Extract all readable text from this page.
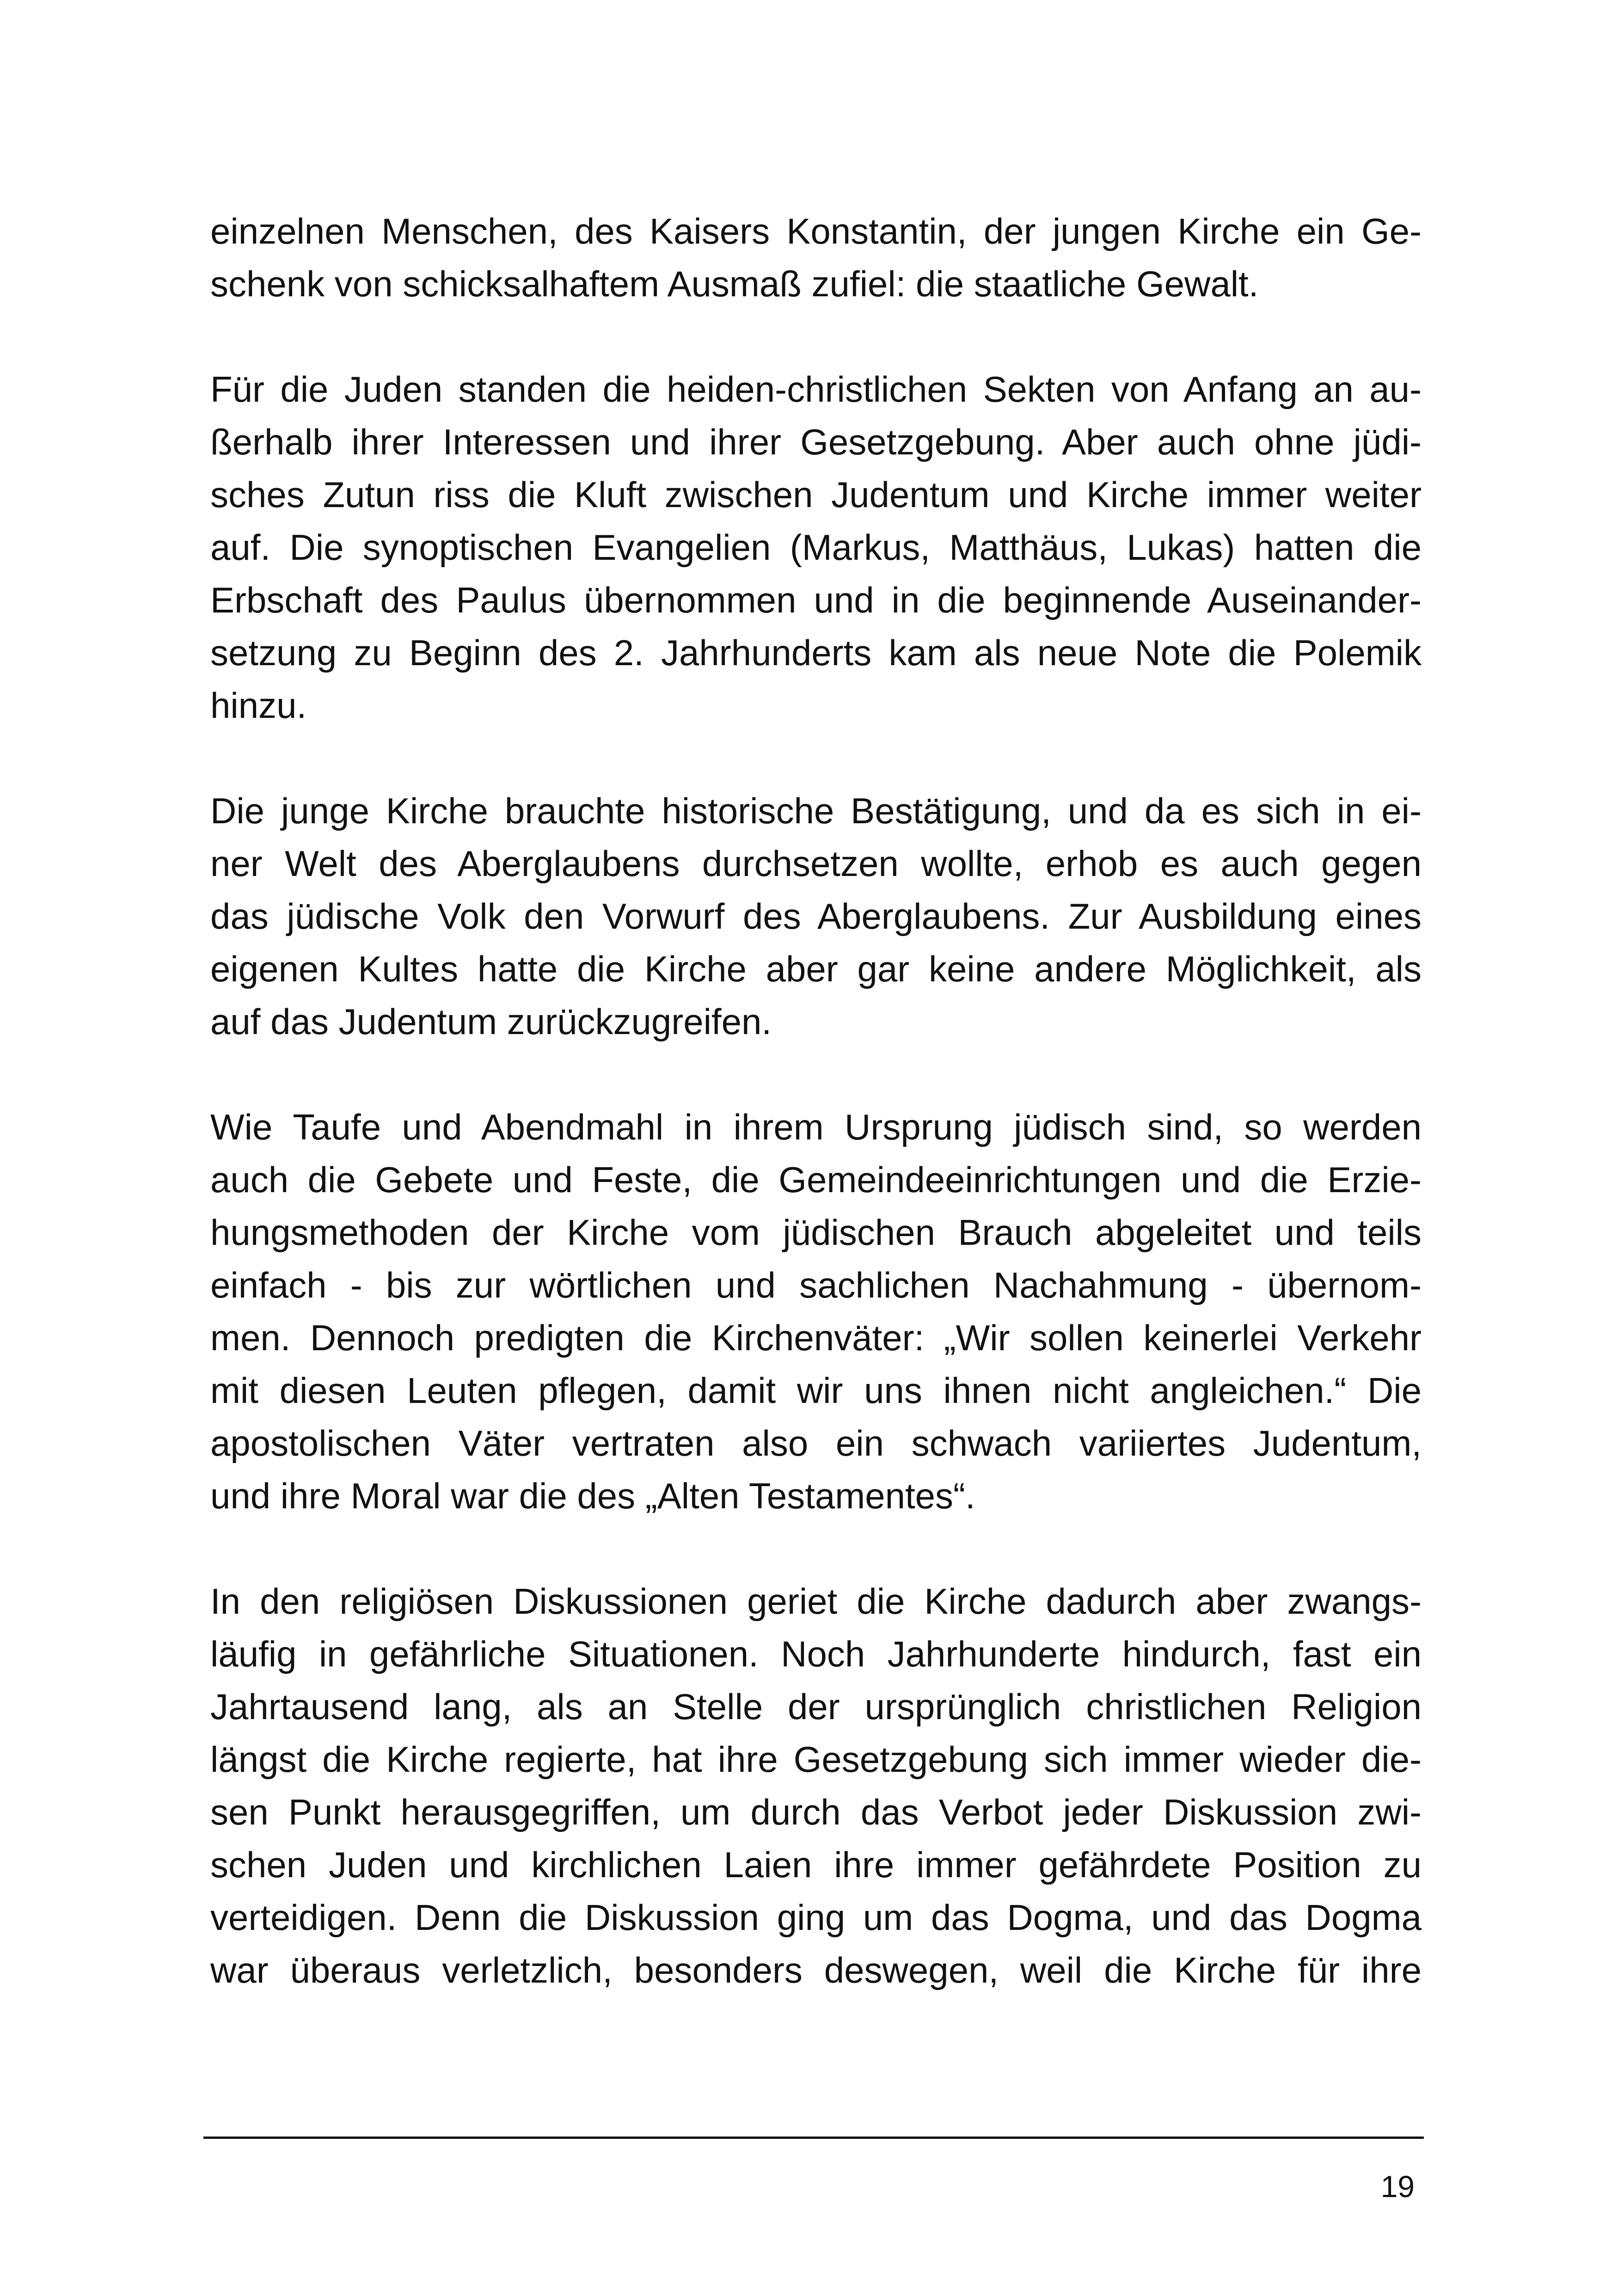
einzelnen Menschen, des Kaisers Konstantin, der jungen Kirche ein Ge-
schenk von schicksalhaftem Ausmaß zufiel: die staatliche Gewalt.

Für die Juden standen die heiden-christlichen Sekten von Anfang an au-
ßerhalb ihrer Interessen und ihrer Gesetzgebung. Aber auch ohne jüdi-
sches Zutun riss die Kluft zwischen Judentum und Kirche immer weiter
auf. Die synoptischen Evangelien (Markus, Matthäus, Lukas) hatten die
Erbschaft des Paulus übernommen und in die beginnende Auseinander-
setzung zu Beginn des 2. Jahrhunderts kam als neue Note die Polemik
hinzu.

Die junge Kirche brauchte historische Bestätigung, und da es sich in ei-
ner Welt des Aberglaubens durchsetzen wollte, erhob es auch gegen
das jüdische Volk den Vorwurf des Aberglaubens. Zur Ausbildung eines
eigenen Kultes hatte die Kirche aber gar keine andere Möglichkeit, als
auf das Judentum zurückzugreifen.

Wie Taufe und Abendmahl in ihrem Ursprung jüdisch sind, so werden
auch die Gebete und Feste, die Gemeindeeinrichtungen und die Erzie-
hungsmethoden der Kirche vom jüdischen Brauch abgeleitet und teils
einfach - bis zur wörtlichen und sachlichen Nachahmung - übernom-
men. Dennoch predigten die Kirchenväter: „Wir sollen keinerlei Verkehr
mit diesen Leuten pflegen, damit wir uns ihnen nicht angleichen.“ Die
apostolischen Väter vertraten also ein schwach variiertes Judentum,
und ihre Moral war die des „Alten Testamentes“.

In den religiösen Diskussionen geriet die Kirche dadurch aber zwangs-
läufig in gefährliche Situationen. Noch Jahrhunderte hindurch, fast ein
Jahrtausend lang, als an Stelle der ursprünglich christlichen Religion
längst die Kirche regierte, hat ihre Gesetzgebung sich immer wieder die-
sen Punkt herausgegriffen, um durch das Verbot jeder Diskussion zwi-
schen Juden und kirchlichen Laien ihre immer gefährdete Position zu
verteidigen. Denn die Diskussion ging um das Dogma, und das Dogma
war überaus verletzlich, besonders deswegen, weil die Kirche für ihre

19
